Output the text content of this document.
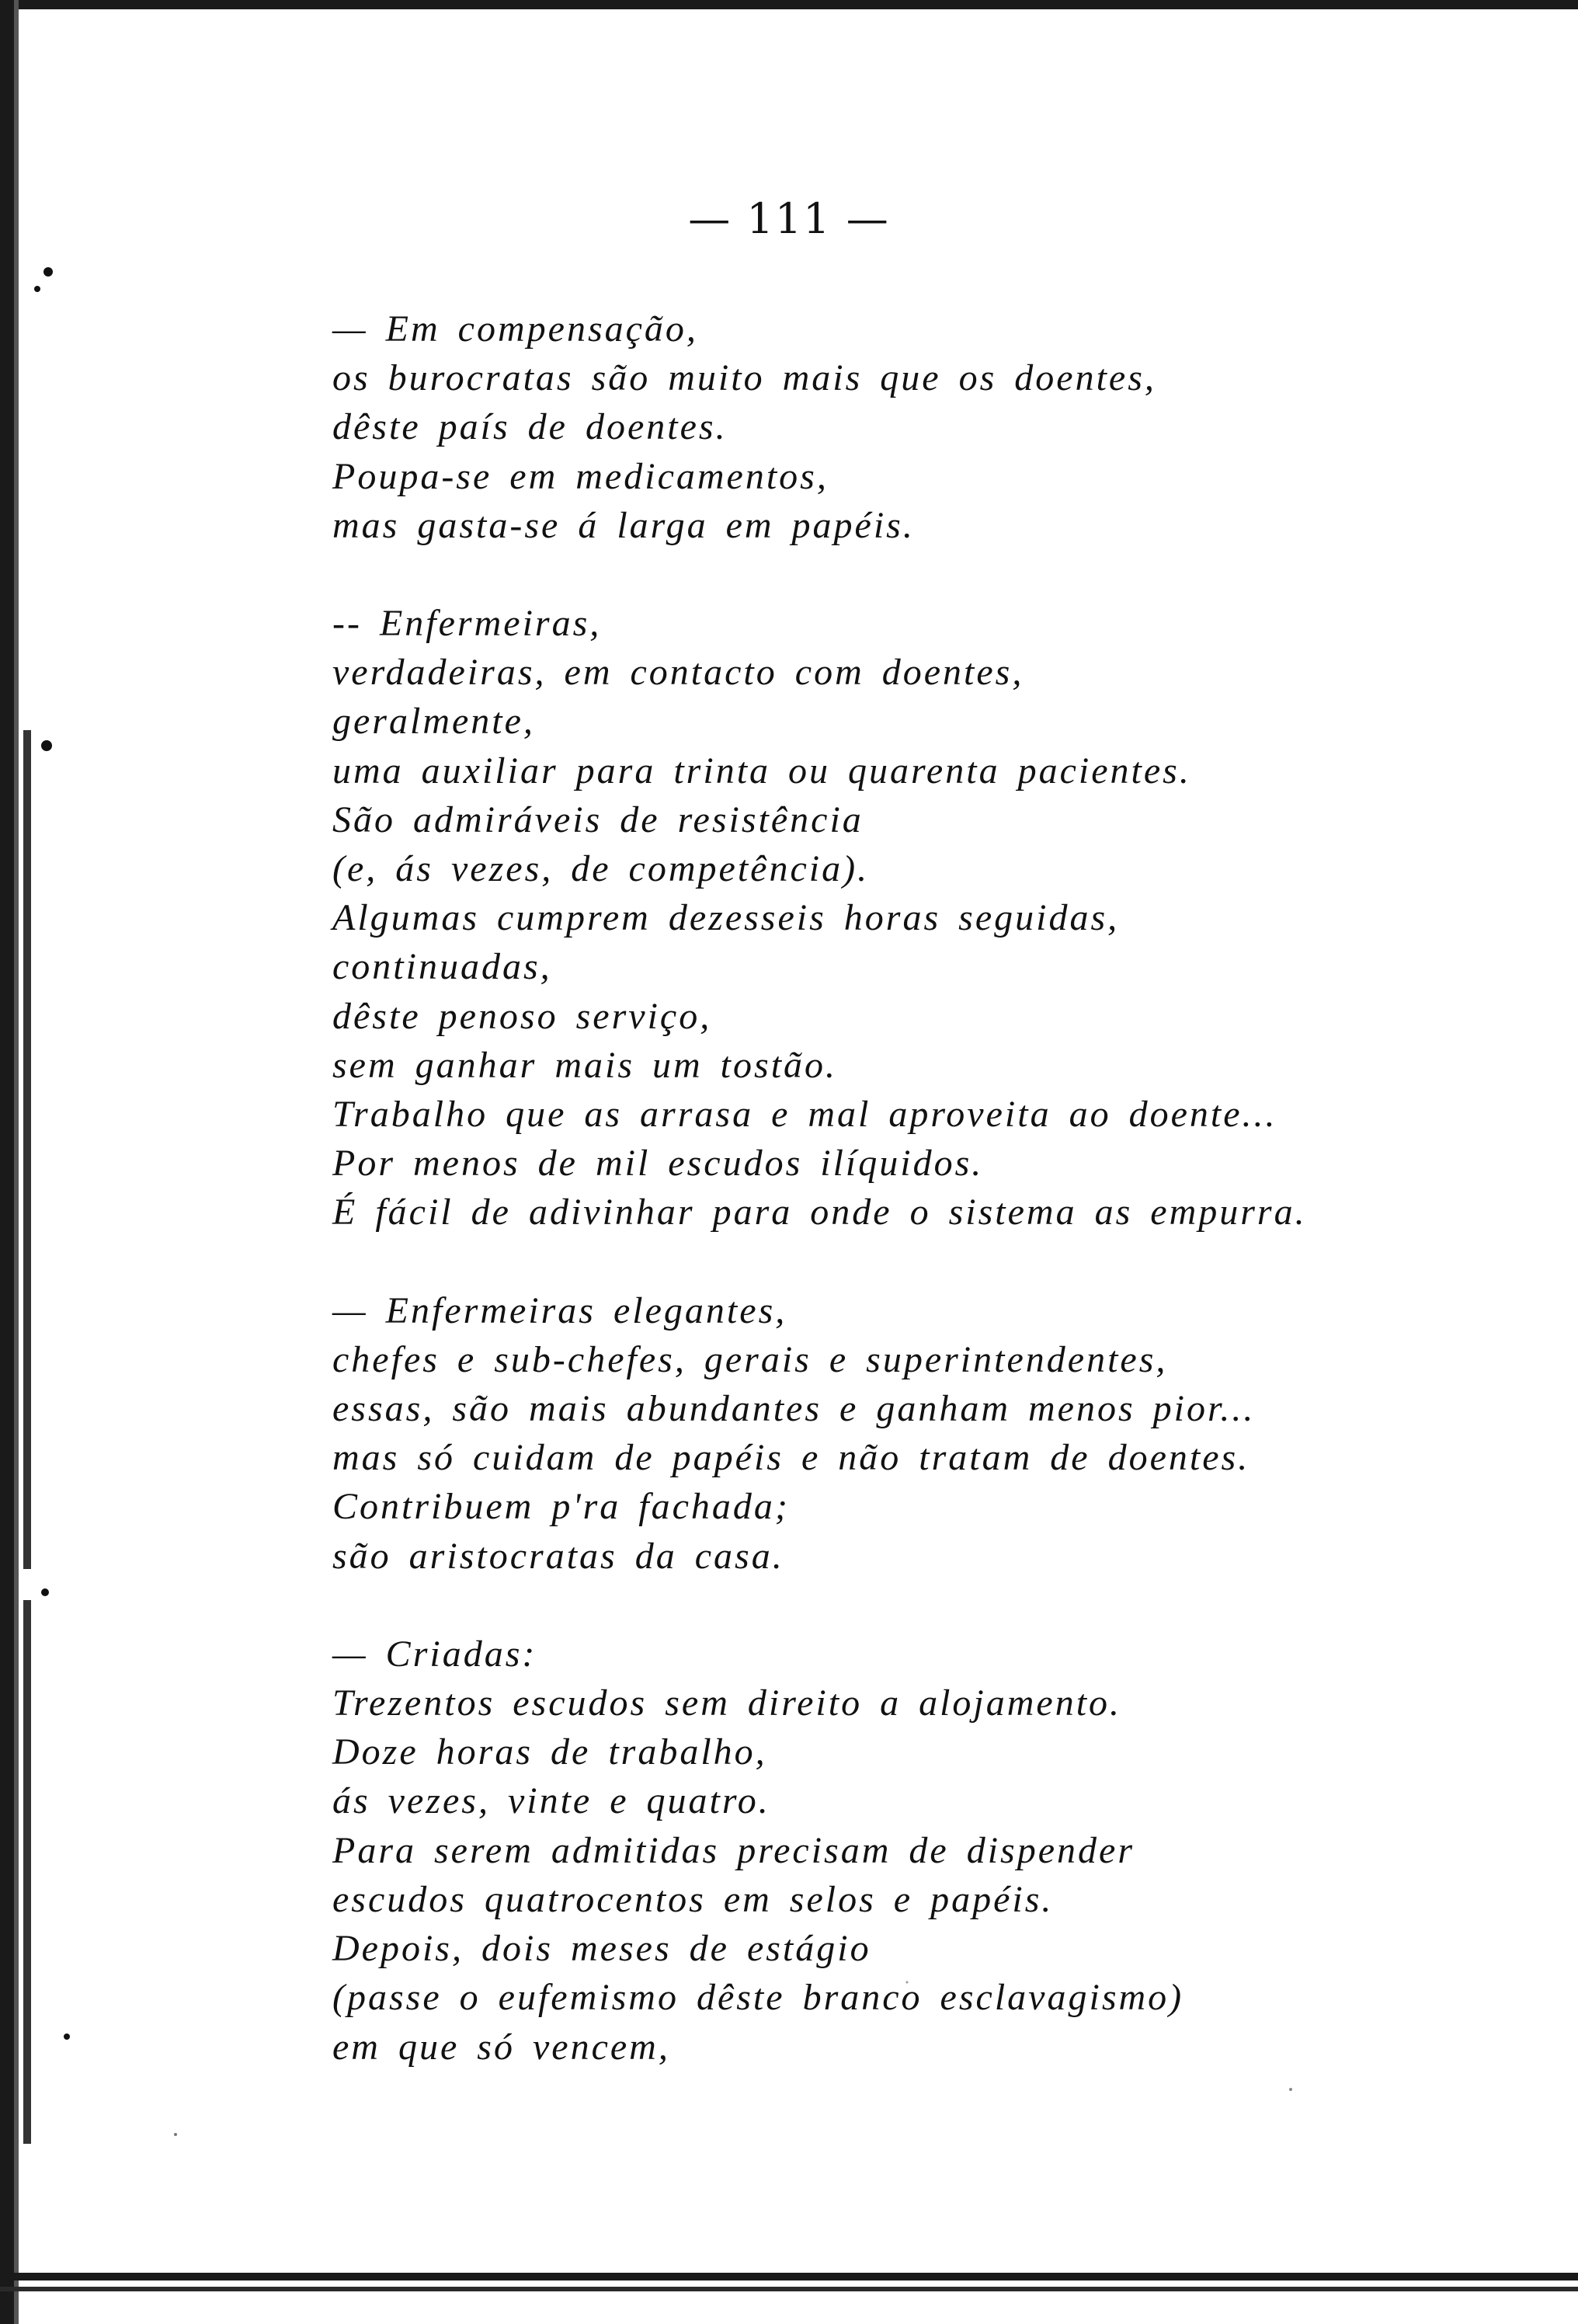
— 111 —
— Em compensação,
os burocratas são muito mais que os doentes,
dêste país de doentes.
Poupa-se em medicamentos,
mas gasta-se á larga em papéis.
-- Enfermeiras,
verdadeiras, em contacto com doentes,
geralmente,
uma auxiliar para trinta ou quarenta pacientes.
São admiráveis de resistência
(e, ás vezes, de competência).
Algumas cumprem dezesseis horas seguidas,
continuadas,
dêste penoso serviço,
sem ganhar mais um tostão.
Trabalho que as arrasa e mal aproveita ao doente...
Por menos de mil escudos ilíquidos.
É fácil de adivinhar para onde o sistema as empurra.
— Enfermeiras elegantes,
chefes e sub-chefes, gerais e superintendentes,
essas, são mais abundantes e ganham menos pior...
mas só cuidam de papéis e não tratam de doentes.
Contribuem p'ra fachada;
são aristocratas da casa.
— Criadas:
Trezentos escudos sem direito a alojamento.
Doze horas de trabalho,
ás vezes, vinte e quatro.
Para serem admitidas precisam de dispender
escudos quatrocentos em selos e papéis.
Depois, dois meses de estágio
(passe o eufemismo dêste branco esclavagismo)
em que só vencem,
